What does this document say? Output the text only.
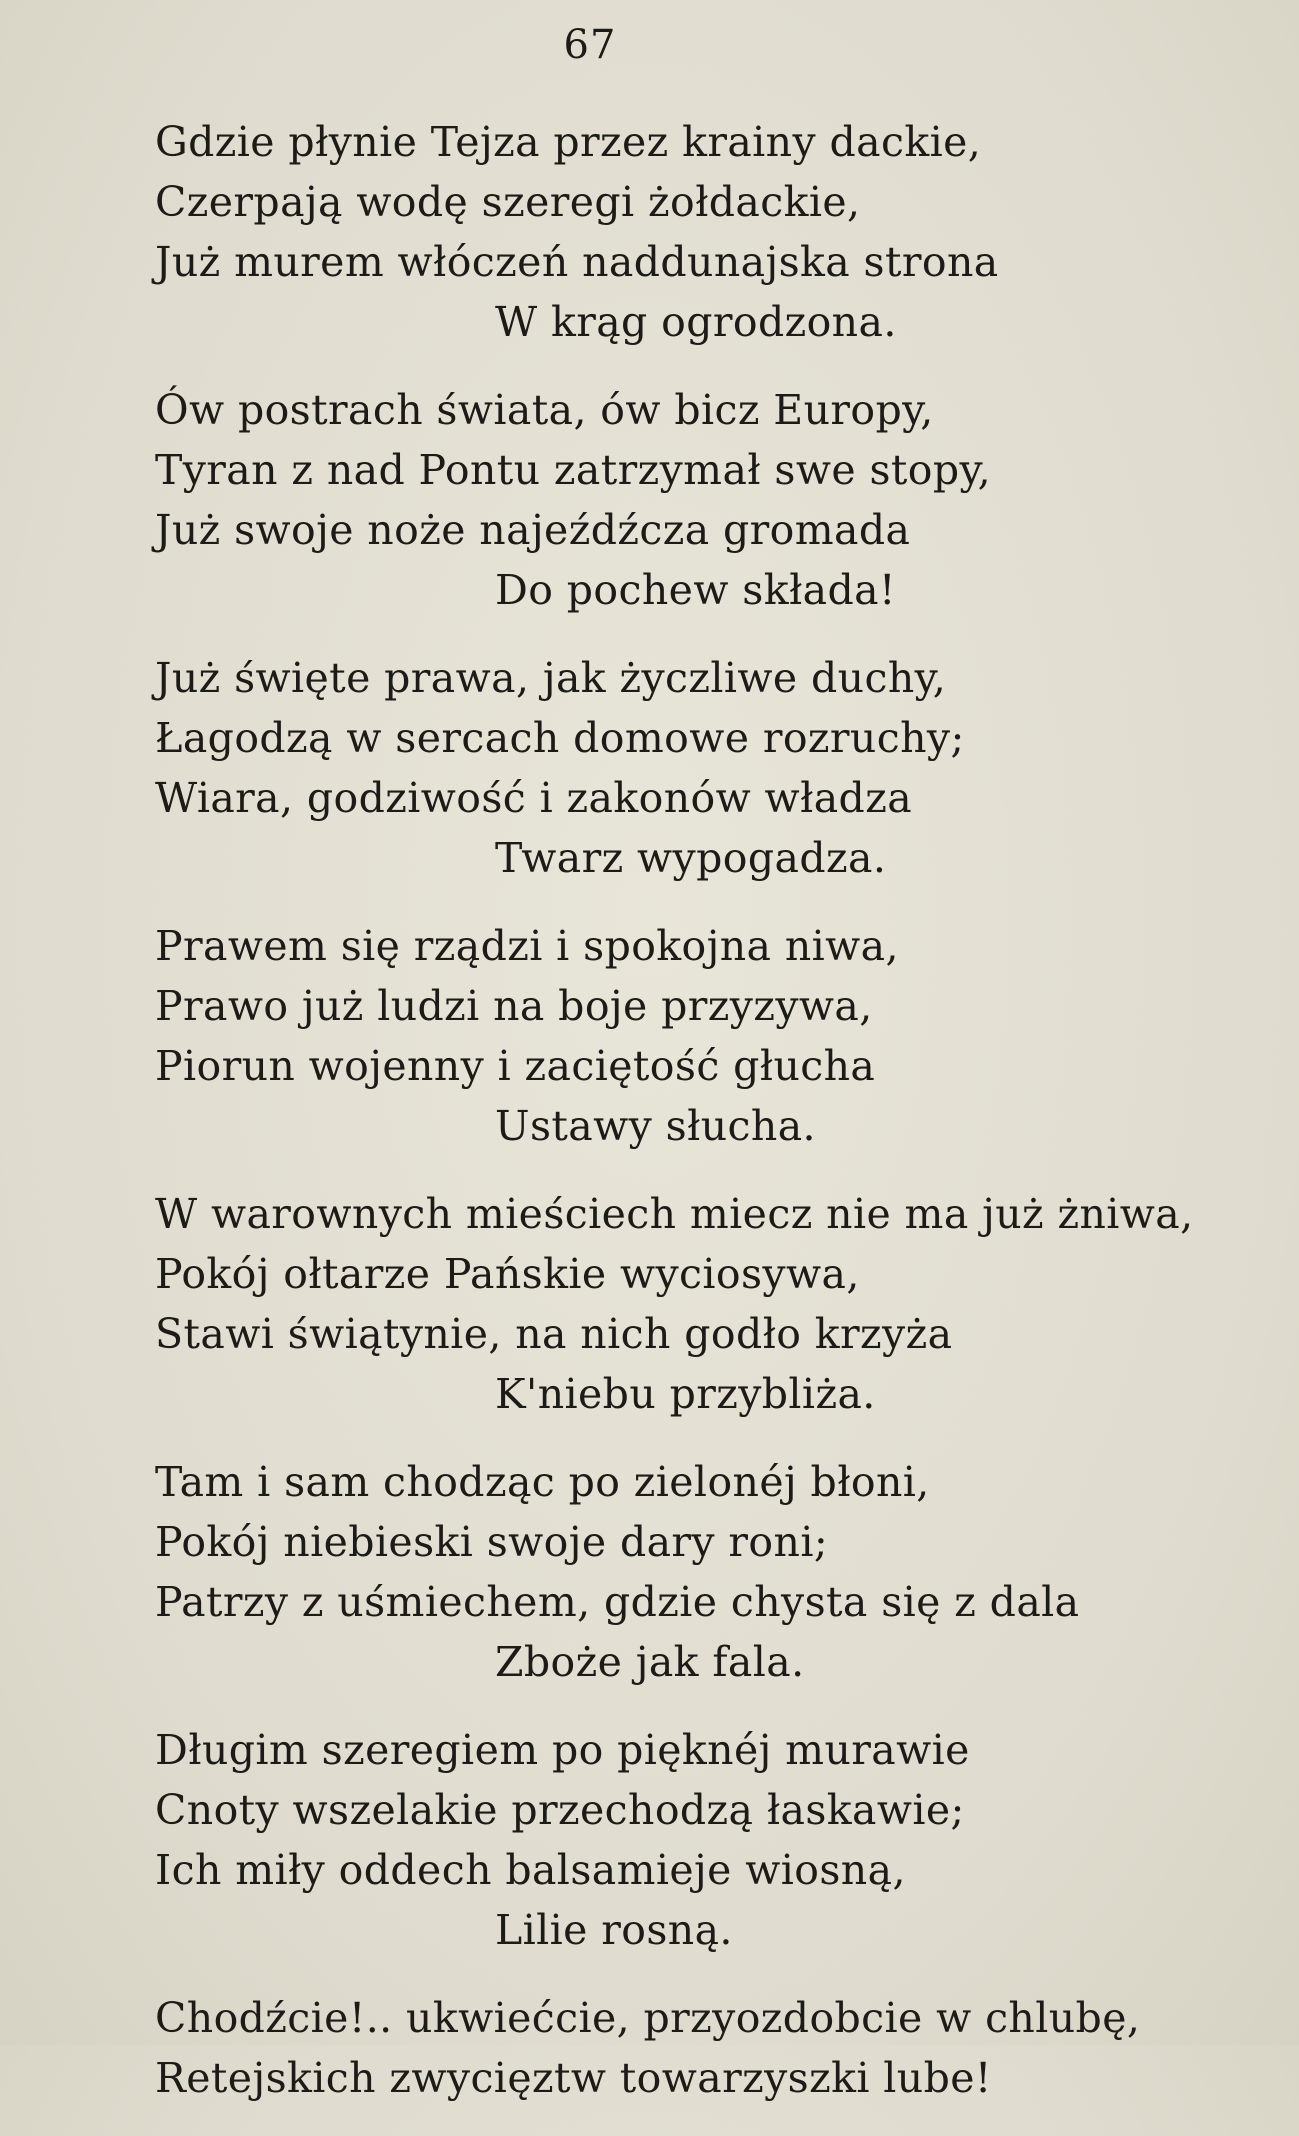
67
Gdzie płynie Tejza przez krainy dackie,
Czerpają wodę szeregi żołdackie,
Już murem włóczeń naddunajska strona
W krąg ogrodzona.
Ów postrach świata, ów bicz Europy,
Tyran z nad Pontu zatrzymał swe stopy,
Już swoje noże najeźdźcza gromada
Do pochew składa!
Już święte prawa, jak życzliwe duchy,
Łagodzą w sercach domowe rozruchy;
Wiara, godziwość i zakonów władza
Twarz wypogadza.
Prawem się rządzi i spokojna niwa,
Prawo już ludzi na boje przyzywa,
Piorun wojenny i zaciętość głucha
Ustawy słucha.
W warownych mieściech miecz nie ma już żniwa,
Pokój ołtarze Pańskie wyciosywa,
Stawi świątynie, na nich godło krzyża
K'niebu przybliża.
Tam i sam chodząc po zielonéj błoni,
Pokój niebieski swoje dary roni;
Patrzy z uśmiechem, gdzie chysta się z dala
Zboże jak fala.
Długim szeregiem po pięknéj murawie
Cnoty wszelakie przechodzą łaskawie;
Ich miły oddech balsamieje wiosną,
Lilie rosną.
Chodźcie!.. ukwiećcie, przyozdobcie w chlubę,
Retejskich zwycięztw towarzyszki lube!
